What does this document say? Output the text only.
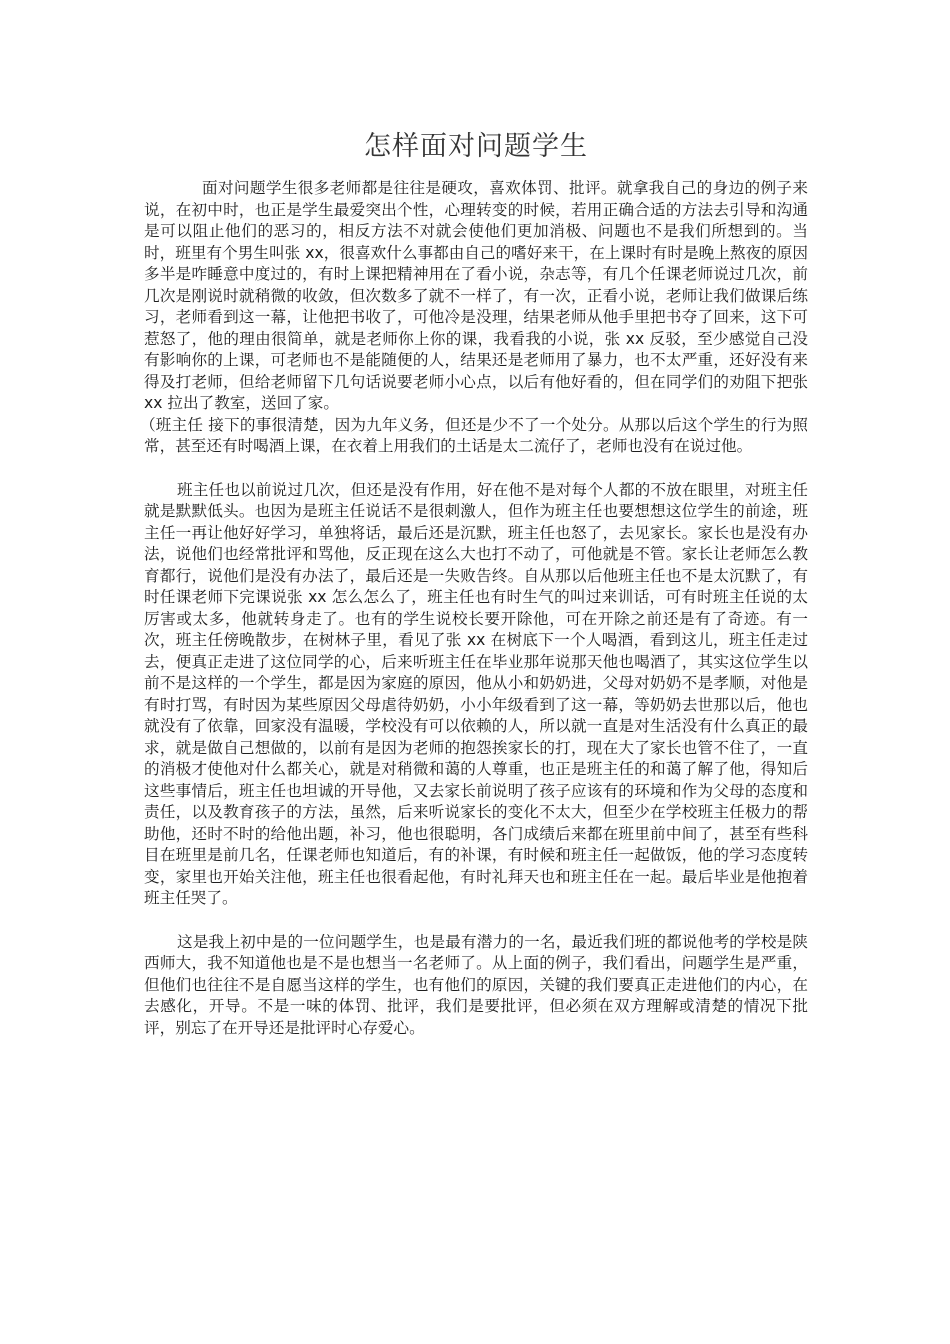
怎样面对问题学生

面对问题学生很多老师都是往往是硬攻，喜欢体罚、批评。就拿我自己的身边的例子来说，在初中时，也正是学生最爱突出个性，心理转变的时候，若用正确合适的方法去引导和沟通是可以阻止他们的恶习的，相反方法不对就会使他们更加消极、问题也不是我们所想到的。当时，班里有个男生叫张 xx，很喜欢什么事都由自己的嗜好来干，在上课时有时是晚上熬夜的原因多半是咋睡意中度过的，有时上课把精神用在了看小说，杂志等，有几个任课老师说过几次，前几次是刚说时就稍微的收敛，但次数多了就不一样了，有一次，正看小说，老师让我们做课后练习，老师看到这一幕，让他把书收了，可他冷是没理，结果老师从他手里把书夺了回来，这下可惹怒了，他的理由很简单，就是老师你上你的课，我看我的小说，张 xx 反驳，至少感觉自己没有影响你的上课，可老师也不是能随便的人，结果还是老师用了暴力，也不太严重，还好没有来得及打老师，但给老师留下几句话说要老师小心点，以后有他好看的，但在同学们的劝阻下把张 xx 拉出了教室，送回了家。

（班主任 接下的事很清楚，因为九年义务，但还是少不了一个处分。从那以后这个学生的行为照常，甚至还有时喝酒上课，在衣着上用我们的土话是太二流仔了，老师也没有在说过他。

班主任也以前说过几次，但还是没有作用，好在他不是对每个人都的不放在眼里，对班主任就是默默低头。也因为是班主任说话不是很刺激人，但作为班主任也要想想这位学生的前途，班主任一再让他好好学习，单独将话，最后还是沉默，班主任也怒了，去见家长。家长也是没有办法，说他们也经常批评和骂他，反正现在这么大也打不动了，可他就是不管。家长让老师怎么教育都行，说他们是没有办法了，最后还是一失败告终。自从那以后他班主任也不是太沉默了，有时任课老师下完课说张 xx 怎么怎么了，班主任也有时生气的叫过来训话，可有时班主任说的太厉害或太多，他就转身走了。也有的学生说校长要开除他，可在开除之前还是有了奇迹。有一次，班主任傍晚散步，在树林子里，看见了张 xx 在树底下一个人喝酒，看到这儿，班主任走过去，便真正走进了这位同学的心，后来听班主任在毕业那年说那天他也喝酒了，其实这位学生以前不是这样的一个学生，都是因为家庭的原因，他从小和奶奶进，父母对奶奶不是孝顺，对他是有时打骂，有时因为某些原因父母虐待奶奶，小小年级看到了这一幕，等奶奶去世那以后，他也就没有了依靠，回家没有温暖，学校没有可以依赖的人，所以就一直是对生活没有什么真正的最求，就是做自己想做的，以前有是因为老师的抱怨挨家长的打，现在大了家长也管不住了，一直的消极才使他对什么都关心，就是对稍微和蔼的人尊重，也正是班主任的和蔼了解了他，得知后这些事情后，班主任也坦诚的开导他，又去家长前说明了孩子应该有的环境和作为父母的态度和责任，以及教育孩子的方法，虽然，后来听说家长的变化不太大，但至少在学校班主任极力的帮助他，还时不时的给他出题，补习，他也很聪明，各门成绩后来都在班里前中间了，甚至有些科目在班里是前几名，任课老师也知道后，有的补课，有时候和班主任一起做饭，他的学习态度转变，家里也开始关注他，班主任也很看起他，有时礼拜天也和班主任在一起。最后毕业是他抱着班主任哭了。

这是我上初中是的一位问题学生，也是最有潜力的一名，最近我们班的都说他考的学校是陕西师大，我不知道他也是不是也想当一名老师了。从上面的例子，我们看出，问题学生是严重，但他们也往往不是自愿当这样的学生，也有他们的原因，关键的我们要真正走进他们的内心，在去感化，开导。不是一味的体罚、批评，我们是要批评，但必须在双方理解或清楚的情况下批评，别忘了在开导还是批评时心存爱心。
